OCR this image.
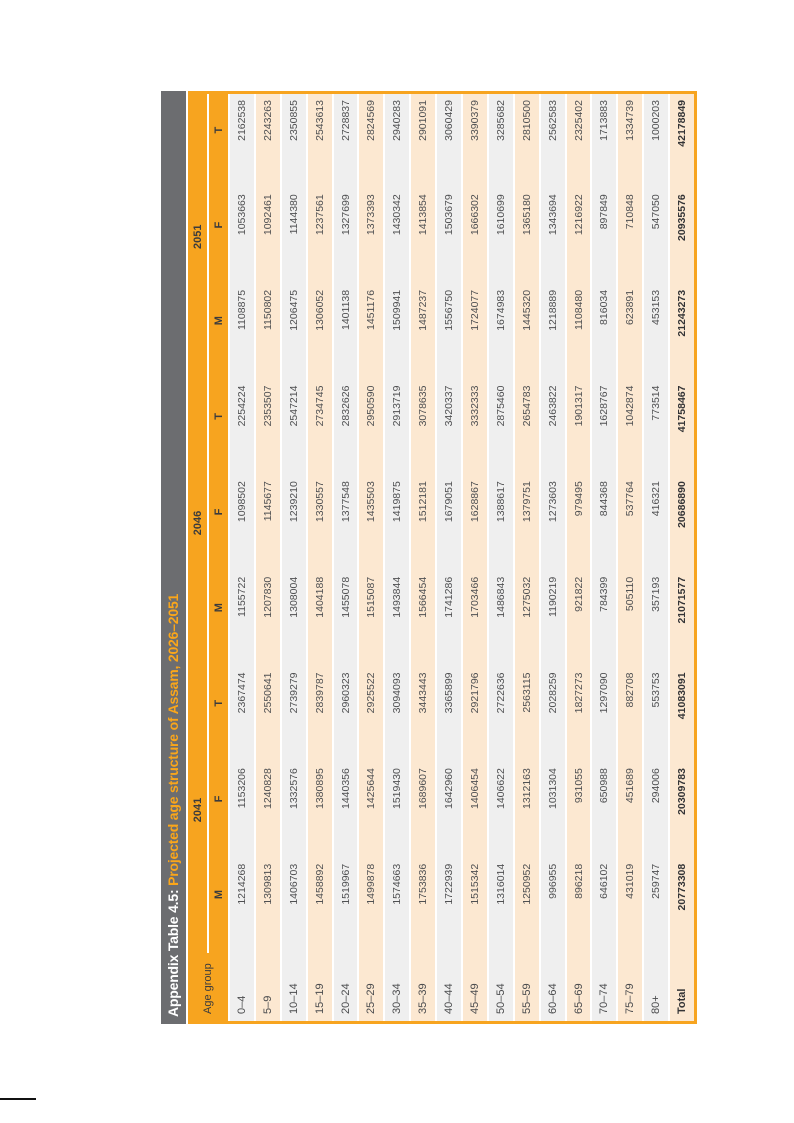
Appendix Table 4.5: Projected age structure of Assam, 2026–2051
Age group	2041			2046			2051		
	M	F	T	M	F	T	M	F	T
0–4	1214268	1153206	2367474	1155722	1098502	2254224	1108875	1053663	2162538
5–9	1309813	1240828	2550641	1207830	1145677	2353507	1150802	1092461	2243263
10–14	1406703	1332576	2739279	1308004	1239210	2547214	1206475	1144380	2350855
15–19	1458892	1380895	2839787	1404188	1330557	2734745	1306052	1237561	2543613
20–24	1519967	1440356	2960323	1455078	1377548	2832626	1401138	1327699	2728837
25–29	1499878	1425644	2925522	1515087	1435503	2950590	1451176	1373393	2824569
30–34	1574663	1519430	3094093	1493844	1419875	2913719	1509941	1430342	2940283
35–39	1753836	1689607	3443443	1566454	1512181	3078635	1487237	1413854	2901091
40–44	1722939	1642960	3365899	1741286	1679051	3420337	1556750	1503679	3060429
45–49	1515342	1406454	2921796	1703466	1628867	3332333	1724077	1666302	3390379
50–54	1316014	1406622	2722636	1486843	1388617	2875460	1674983	1610699	3285682
55–59	1250952	1312163	2563115	1275032	1379751	2654783	1445320	1365180	2810500
60–64	996955	1031304	2028259	1190219	1273603	2463822	1218889	1343694	2562583
65–69	896218	931055	1827273	921822	979495	1901317	1108480	1216922	2325402
70–74	646102	650988	1297090	784399	844368	1628767	816034	897849	1713883
75–79	431019	451689	882708	505110	537764	1042874	623891	710848	1334739
80+	259747	294006	553753	357193	416321	773514	453153	547050	1000203
Total	20773308	20309783	41083091	21071577	20686890	41758467	21243273	20935576	42178849
